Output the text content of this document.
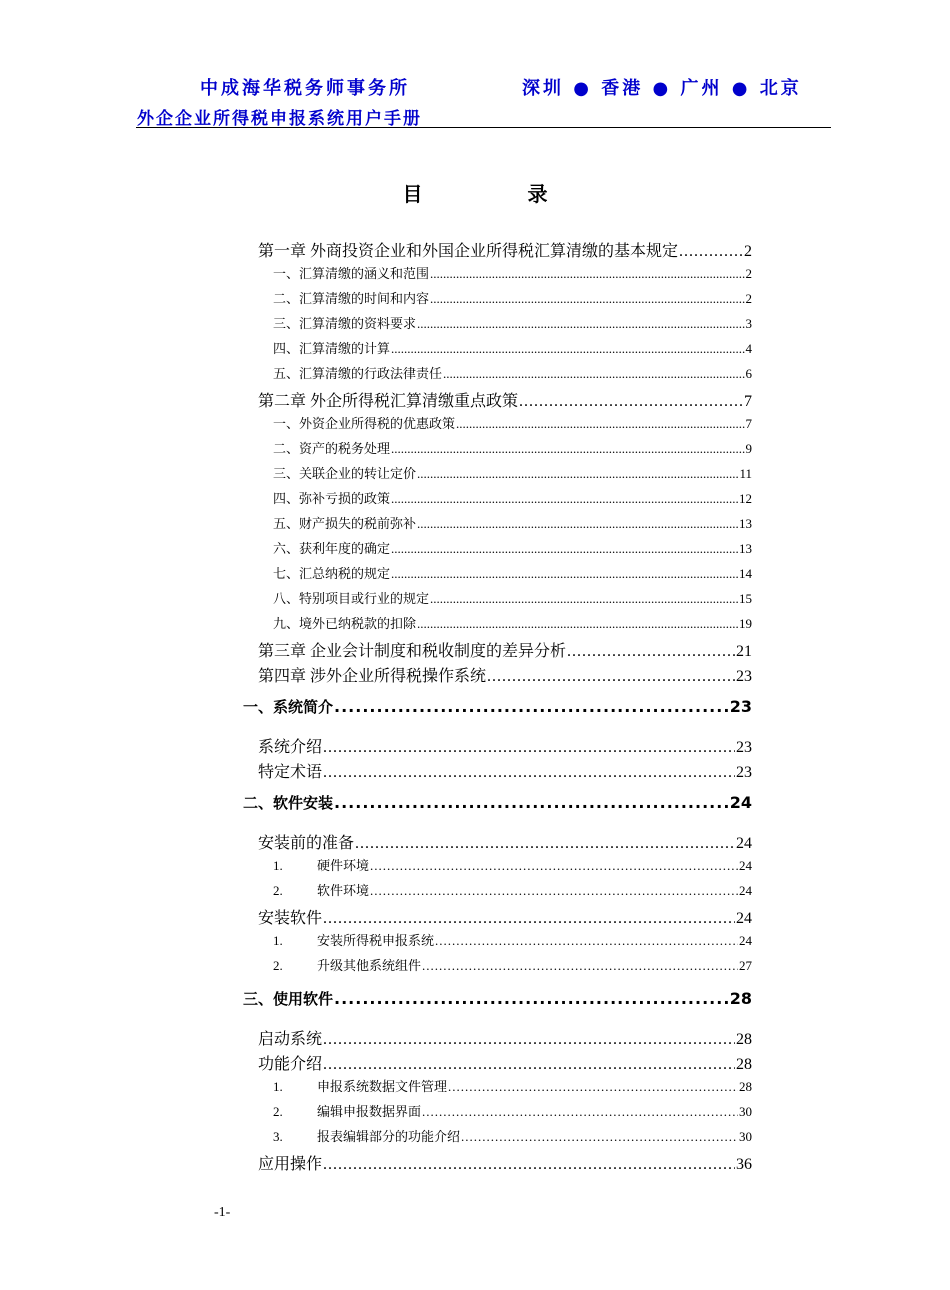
中成海华税务师事务所	深圳 ● 香港 ● 广州 ● 北京
外企企业所得税申报系统用户手册
目	录
第一章 外商投资企业和外国企业所得税汇算清缴的基本规定 .....	2
一、汇算清缴的涵义和范围 .....	2
二、汇算清缴的时间和内容 .....	2
三、汇算清缴的资料要求 .....	3
四、汇算清缴的计算 .....	4
五、汇算清缴的行政法律责任 .....	6
第二章 外企所得税汇算清缴重点政策 .....	7
一、外资企业所得税的优惠政策 .....	7
二、资产的税务处理 .....	9
三、关联企业的转让定价 .....	11
四、弥补亏损的政策 .....	12
五、财产损失的税前弥补 .....	13
六、获利年度的确定 .....	13
七、汇总纳税的规定 .....	14
八、特别项目或行业的规定 .....	15
九、境外已纳税款的扣除 .....	19
第三章 企业会计制度和税收制度的差异分析 .....	21
第四章 涉外企业所得税操作系统 .....	23
一、系统简介 .....	23
系统介绍 .....	23
特定术语 .....	23
二、软件安装 .....	24
安装前的准备 .....	24
1.	硬件环境 .....	24
2.	软件环境 .....	24
安装软件 .....	24
1.	安装所得税申报系统 .....	24
2.	升级其他系统组件 .....	27
三、使用软件 .....	28
启动系统 .....	28
功能介绍 .....	28
1.	申报系统数据文件管理 .....	28
2.	编辑申报数据界面 .....	30
3.	报表编辑部分的功能介绍 .....	30
应用操作 .....	36
-1-
